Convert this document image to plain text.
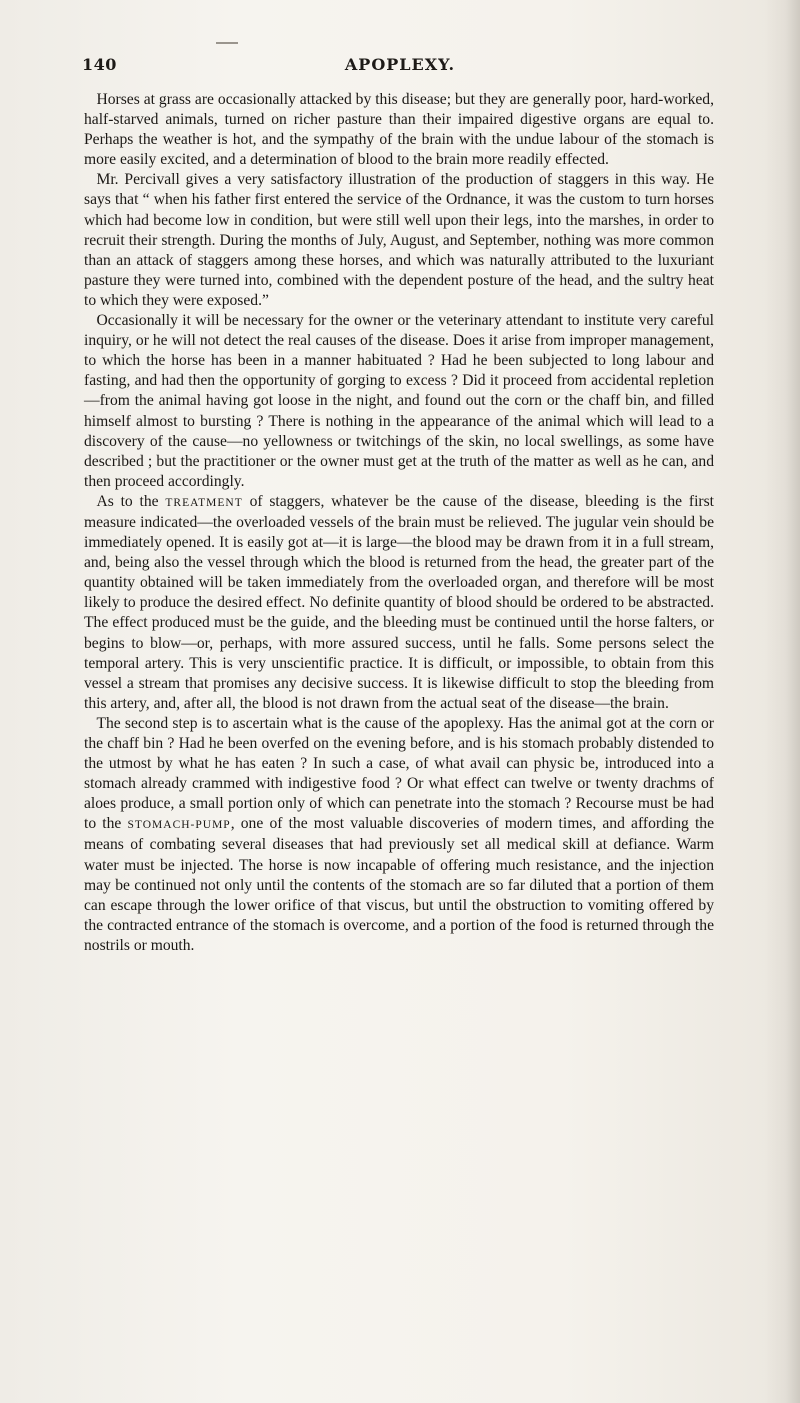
140	APOPLEXY.

Horses at grass are occasionally attacked by this disease; but they are generally poor, hard-worked, half-starved animals, turned on richer pasture than their impaired digestive organs are equal to. Perhaps the weather is hot, and the sympathy of the brain with the undue labour of the stomach is more easily excited, and a determination of blood to the brain more readily effected.

Mr. Percivall gives a very satisfactory illustration of the production of staggers in this way. He says that “ when his father first entered the service of the Ordnance, it was the custom to turn horses which had become low in condition, but were still well upon their legs, into the marshes, in order to recruit their strength. During the months of July, August, and September, nothing was more common than an attack of staggers among these horses, and which was naturally attributed to the luxuriant pasture they were turned into, combined with the dependent posture of the head, and the sultry heat to which they were exposed.”

Occasionally it will be necessary for the owner or the veterinary attendant to institute very careful inquiry, or he will not detect the real causes of the disease. Does it arise from improper management, to which the horse has been in a manner habituated ? Had he been subjected to long labour and fasting, and had then the opportunity of gorging to excess ? Did it proceed from accidental repletion—from the animal having got loose in the night, and found out the corn or the chaff bin, and filled himself almost to bursting ? There is nothing in the appearance of the animal which will lead to a discovery of the cause—no yellowness or twitchings of the skin, no local swellings, as some have described ; but the practitioner or the owner must get at the truth of the matter as well as he can, and then proceed accordingly.

As to the TREATMENT of staggers, whatever be the cause of the disease, bleeding is the first measure indicated—the overloaded vessels of the brain must be relieved. The jugular vein should be immediately opened. It is easily got at—it is large—the blood may be drawn from it in a full stream, and, being also the vessel through which the blood is returned from the head, the greater part of the quantity obtained will be taken immediately from the overloaded organ, and therefore will be most likely to produce the desired effect. No definite quantity of blood should be ordered to be abstracted. The effect produced must be the guide, and the bleeding must be continued until the horse falters, or begins to blow—or, perhaps, with more assured success, until he falls. Some persons select the temporal artery. This is very unscientific practice. It is difficult, or impossible, to obtain from this vessel a stream that promises any decisive success. It is likewise difficult to stop the bleeding from this artery, and, after all, the blood is not drawn from the actual seat of the disease—the brain.

The second step is to ascertain what is the cause of the apoplexy. Has the animal got at the corn or the chaff bin ? Had he been overfed on the evening before, and is his stomach probably distended to the utmost by what he has eaten ? In such a case, of what avail can physic be, introduced into a stomach already crammed with indigestive food ? Or what effect can twelve or twenty drachms of aloes produce, a small portion only of which can penetrate into the stomach ? Recourse must be had to the STOMACH-PUMP, one of the most valuable discoveries of modern times, and affording the means of combating several diseases that had previously set all medical skill at defiance. Warm water must be injected. The horse is now incapable of offering much resistance, and the injection may be continued not only until the contents of the stomach are so far diluted that a portion of them can escape through the lower orifice of that viscus, but until the obstruction to vomiting offered by the contracted entrance of the stomach is overcome, and a portion of the food is returned through the nostrils or mouth.
